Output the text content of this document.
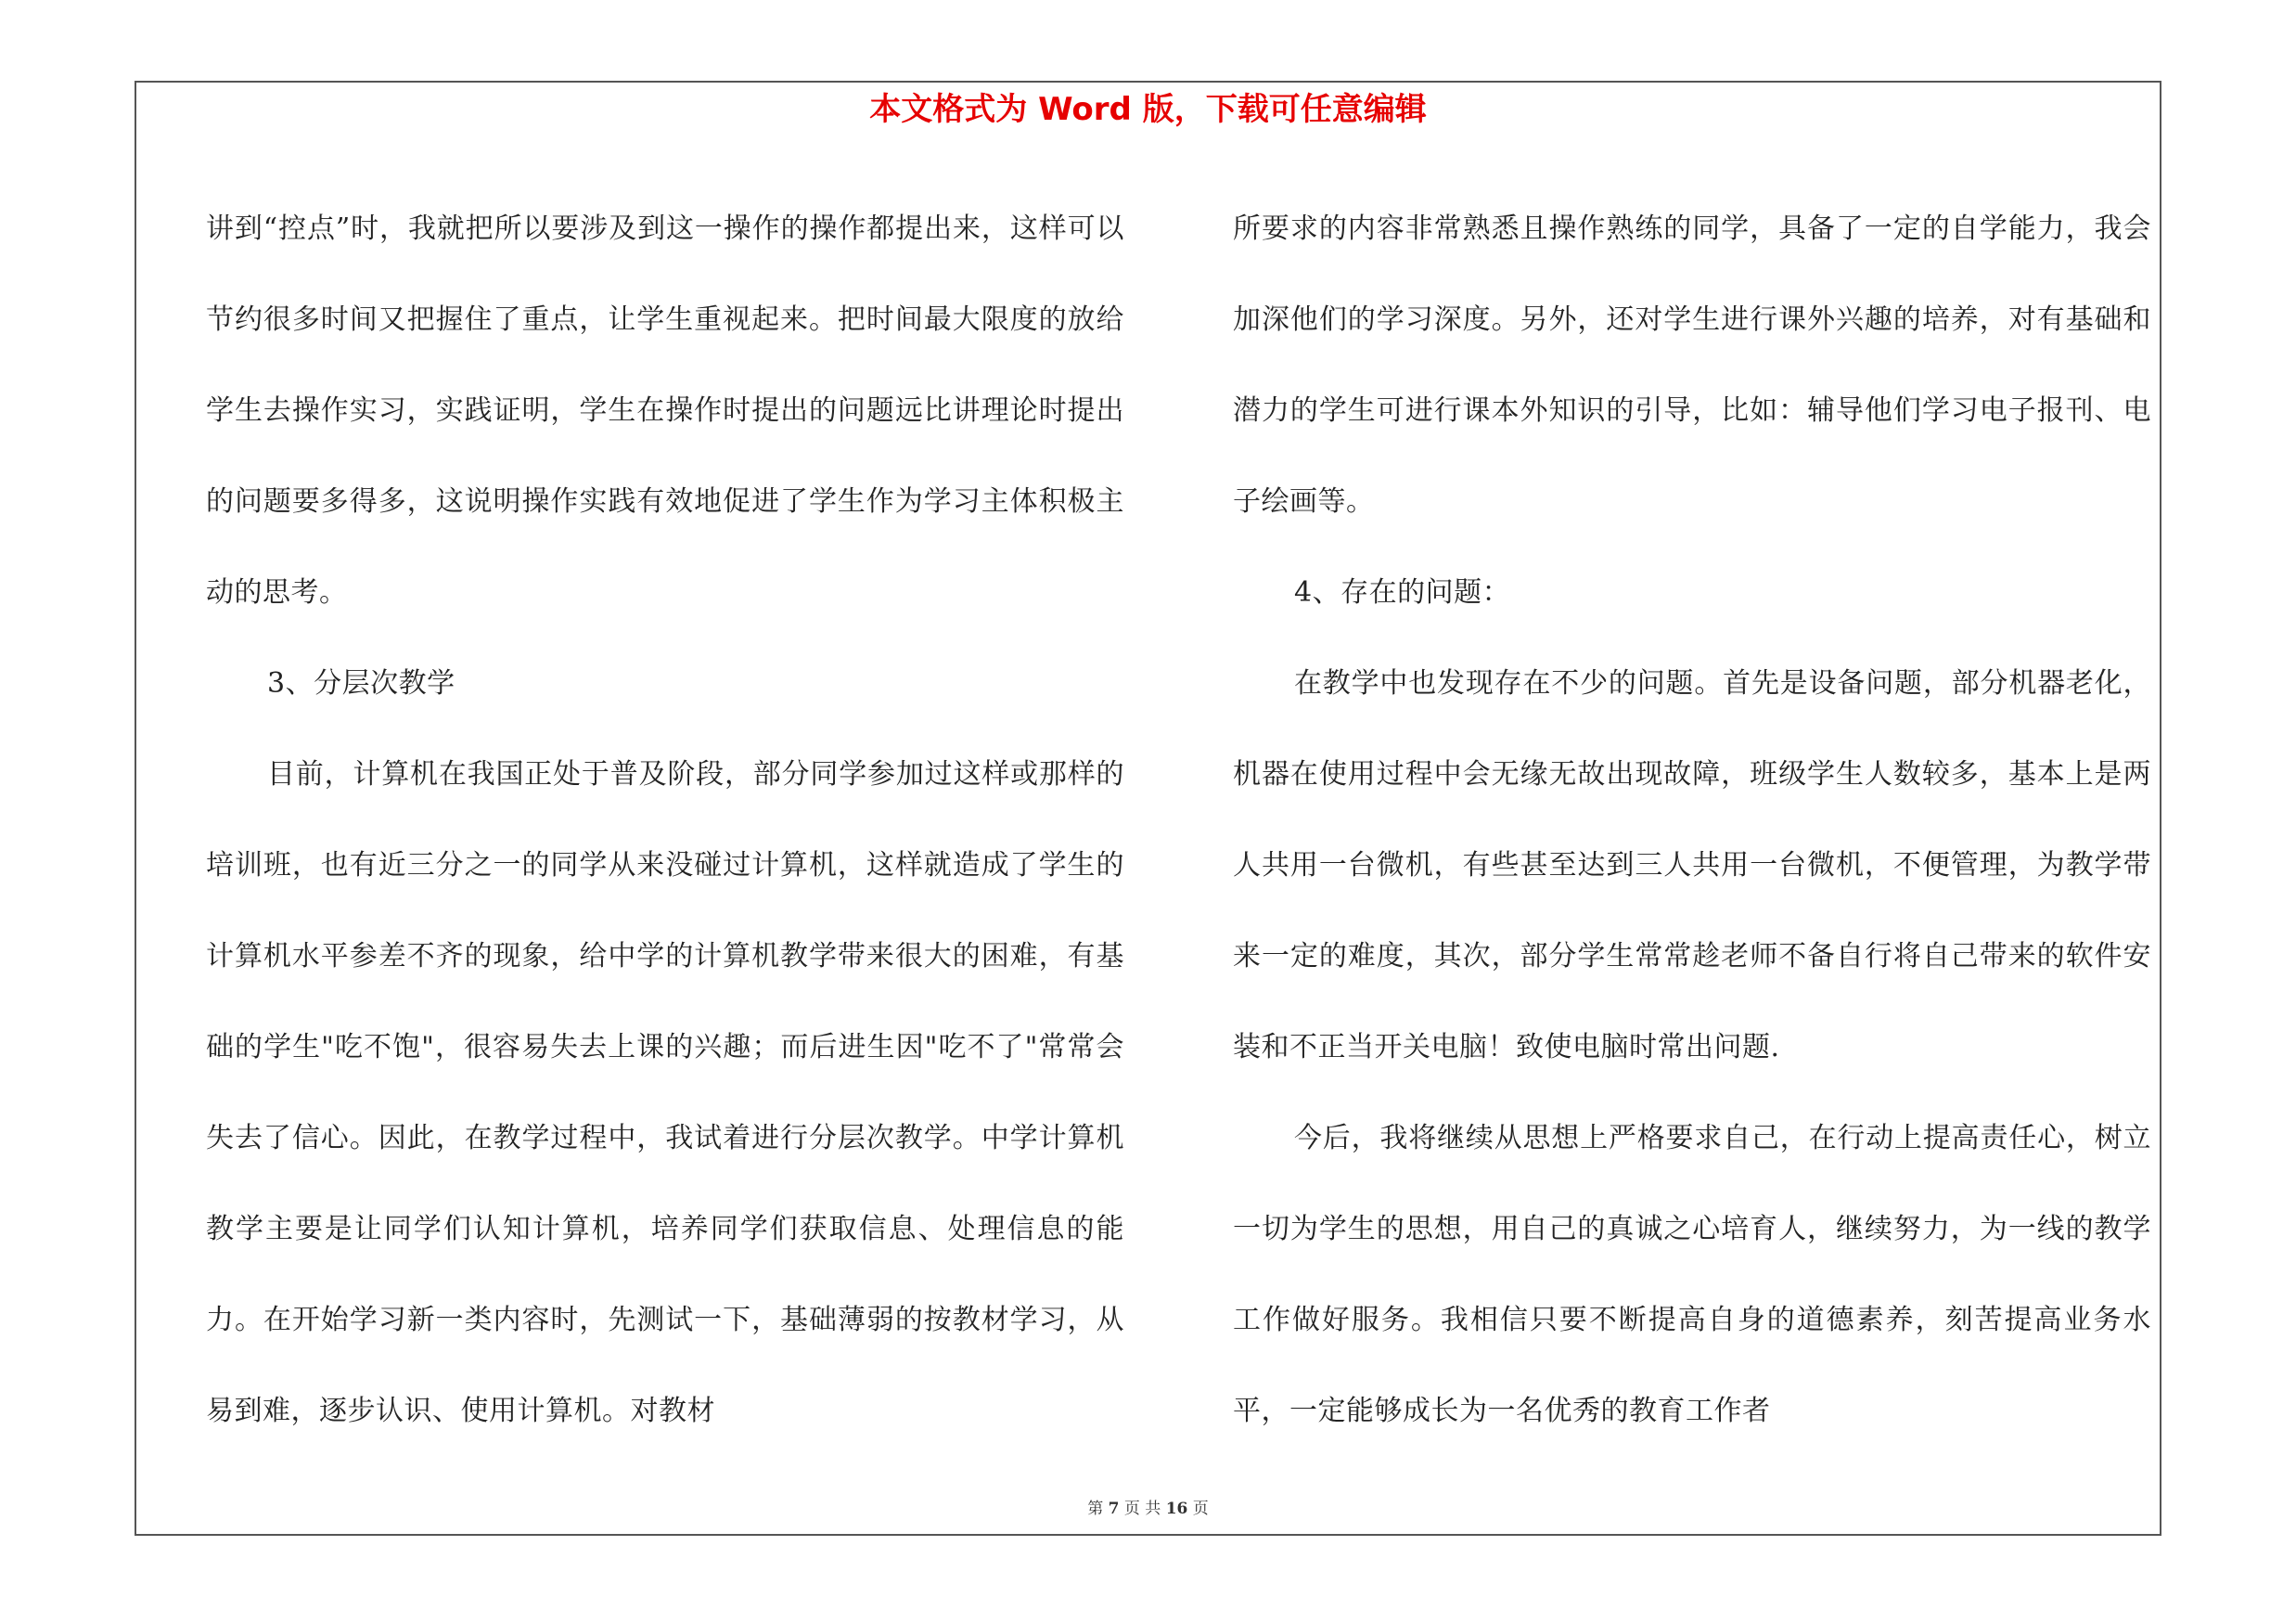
本文格式为 Word 版，下载可任意编辑

讲到“控点”时，我就把所以要涉及到这一操作的操作都提出来，这样可以节约很多时间又把握住了重点，让学生重视起来。把时间最大限度的放给学生去操作实习，实践证明，学生在操作时提出的问题远比讲理论时提出的问题要多得多，这说明操作实践有效地促进了学生作为学习主体积极主动的思考。

3、分层次教学

目前，计算机在我国正处于普及阶段，部分同学参加过这样或那样的培训班，也有近三分之一的同学从来没碰过计算机，这样就造成了学生的计算机水平参差不齐的现象，给中学的计算机教学带来很大的困难，有基础的学生"吃不饱"，很容易失去上课的兴趣；而后进生因"吃不了"常常会失去了信心。因此，在教学过程中，我试着进行分层次教学。中学计算机教学主要是让同学们认知计算机，培养同学们获取信息、处理信息的能力。在开始学习新一类内容时，先测试一下，基础薄弱的按教材学习，从易到难，逐步认识、使用计算机。对教材

所要求的内容非常熟悉且操作熟练的同学，具备了一定的自学能力，我会加深他们的学习深度。另外，还对学生进行课外兴趣的培养，对有基础和潜力的学生可进行课本外知识的引导，比如：辅导他们学习电子报刊、电子绘画等。

4、存在的问题：

在教学中也发现存在不少的问题。首先是设备问题，部分机器老化，机器在使用过程中会无缘无故出现故障，班级学生人数较多，基本上是两人共用一台微机，有些甚至达到三人共用一台微机，不便管理，为教学带来一定的难度，其次，部分学生常常趁老师不备自行将自己带来的软件安装和不正当开关电脑！致使电脑时常出问题.

今后，我将继续从思想上严格要求自己，在行动上提高责任心，树立一切为学生的思想，用自己的真诚之心培育人，继续努力，为一线的教学工作做好服务。我相信只要不断提高自身的道德素养，刻苦提高业务水平，一定能够成长为一名优秀的教育工作者

第 7 页 共 16 页
